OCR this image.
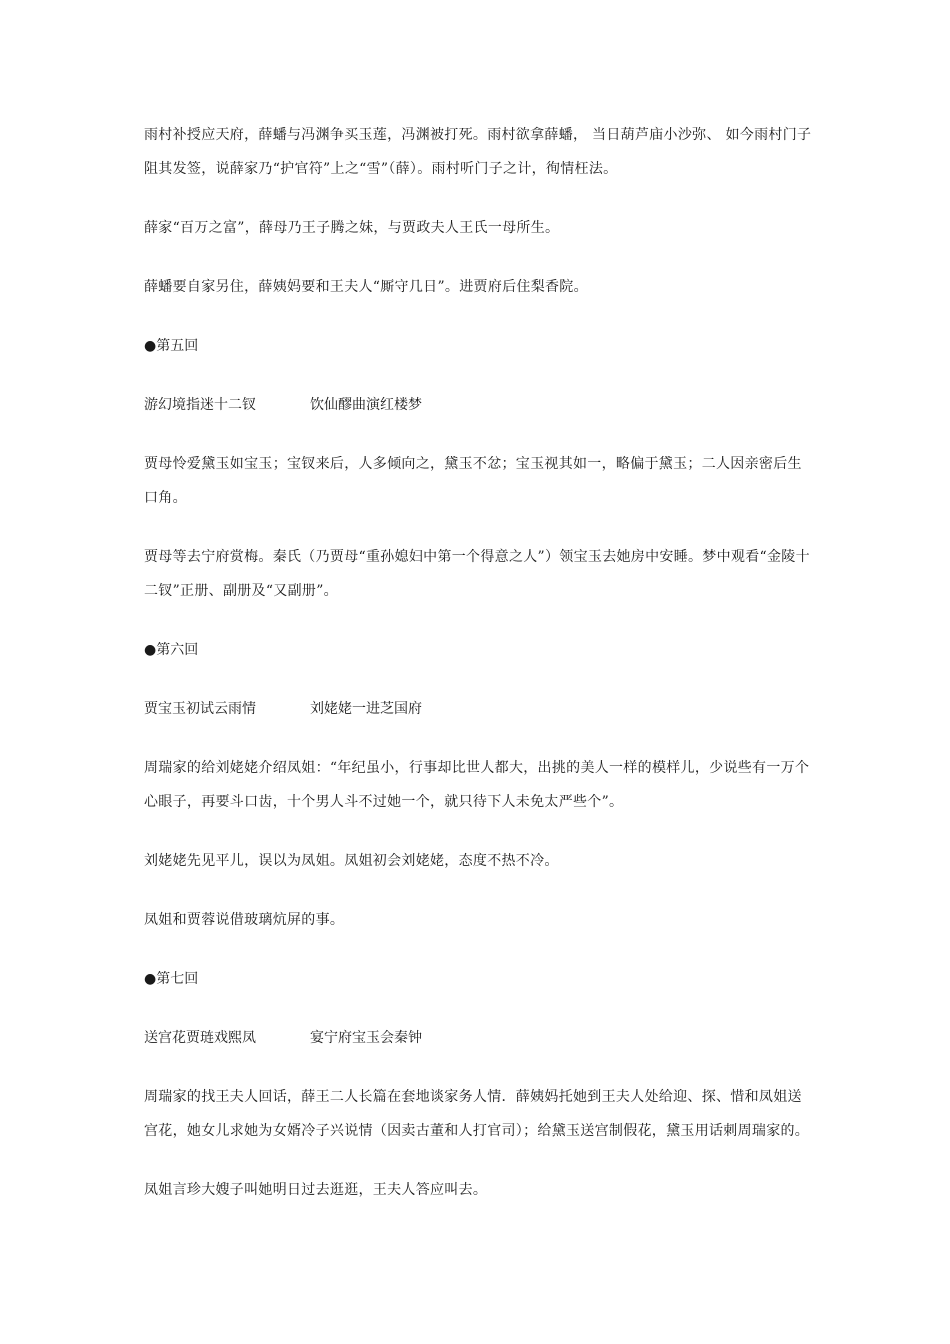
雨村补授应天府，薛蟠与冯渊争买玉莲，冯渊被打死。雨村欲拿薛蟠， 当日葫芦庙小沙弥、 如今雨村门子阻其发签，说薛家乃“护官符”上之“雪”（薛）。雨村听门子之计，徇情枉法。

薛家“百万之富”，薛母乃王子腾之妹，与贾政夫人王氏一母所生。

薛蟠要自家另住，薛姨妈要和王夫人“厮守几日”。进贾府后住梨香院。

●第五回
游幻境指迷十二钗	饮仙醪曲演红楼梦

贾母怜爱黛玉如宝玉；宝钗来后，人多倾向之，黛玉不忿；宝玉视其如一，略偏于黛玉；二人因亲密后生口角。

贾母等去宁府赏梅。秦氏（乃贾母“重孙媳妇中第一个得意之人”）领宝玉去她房中安睡。梦中观看“金陵十二钗”正册、副册及“又副册”。

●第六回
贾宝玉初试云雨情	刘姥姥一进芝国府

周瑞家的给刘姥姥介绍凤姐：“年纪虽小，行事却比世人都大，出挑的美人一样的模样儿，少说些有一万个心眼子，再要斗口齿，十个男人斗不过她一个，就只待下人未免太严些个”。

刘姥姥先见平儿，误以为凤姐。凤姐初会刘姥姥，态度不热不冷。

凤姐和贾蓉说借玻璃炕屏的事。

●第七回
送宫花贾琏戏熙凤	宴宁府宝玉会秦钟

周瑞家的找王夫人回话，薛王二人长篇在套地谈家务人情．薛姨妈托她到王夫人处给迎、探、惜和凤姐送宫花，她女儿求她为女婿冷子兴说情（因卖古董和人打官司）；给黛玉送宫制假花，黛玉用话刺周瑞家的。

凤姐言珍大嫂子叫她明日过去逛逛，王夫人答应叫去。
